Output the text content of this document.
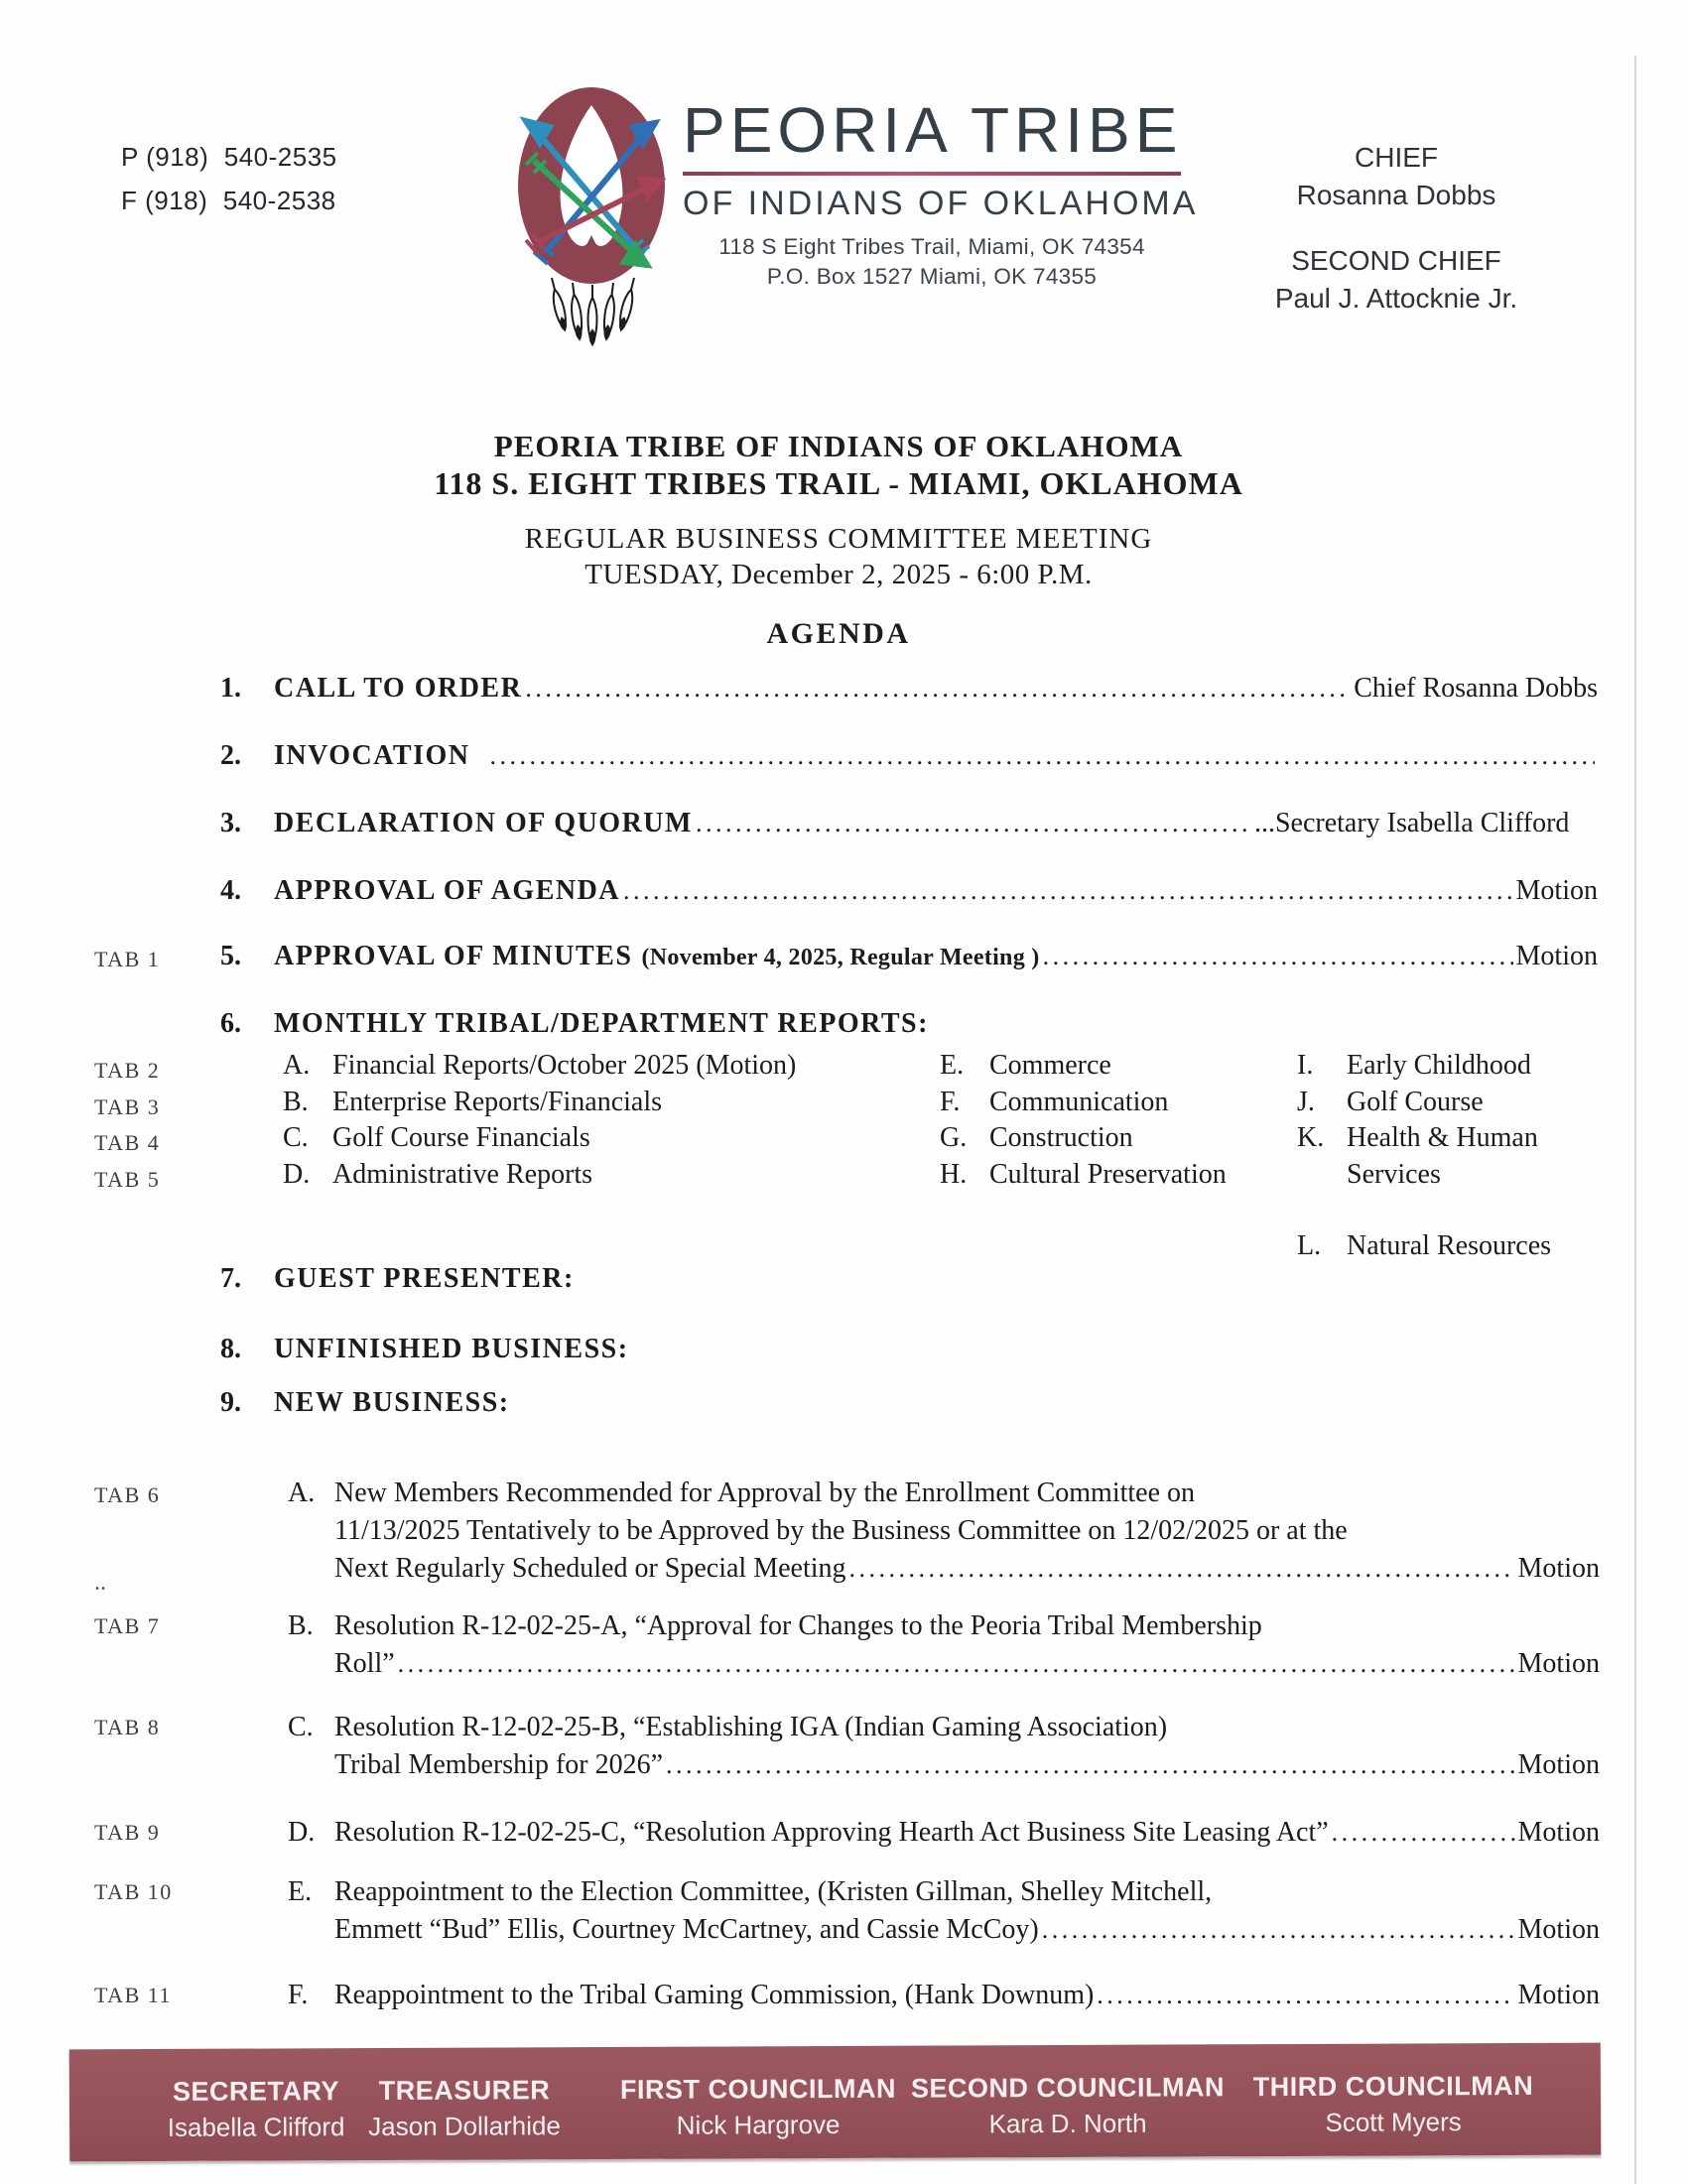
P (918)  540-2535
F (918)  540-2538
®
PEORIA TRIBE
OF INDIANS OF OKLAHOMA
118 S Eight Tribes Trail, Miami, OK 74354
P.O. Box 1527 Miami, OK 74355
CHIEF
Rosanna Dobbs
SECOND CHIEF
Paul J. Attocknie Jr.
PEORIA TRIBE OF INDIANS OF OKLAHOMA
118 S. EIGHT TRIBES TRAIL - MIAMI, OKLAHOMA
REGULAR BUSINESS COMMITTEE MEETING
TUESDAY, December 2, 2025 - 6:00 P.M.
AGENDA
1.	CALL TO ORDER .....	Chief Rosanna Dobbs
2.	INVOCATION
.....
3.	DECLARATION OF QUORUM .....	...Secretary Isabella Clifford
4.	APPROVAL OF AGENDA .....	Motion
5.	APPROVAL OF MINUTES (November 4, 2025, Regular Meeting ) .....	Motion
6.	MONTHLY TRIBAL/DEPARTMENT REPORTS:
A. Financial Reports/October 2025 (Motion)
B. Enterprise Reports/Financials
C. Golf Course Financials
D. Administrative Reports
E. Commerce
F.	Communication
G. Construction
H. Cultural Preservation
I.	Early Childhood
J.	Golf Course
K. Health & Human
Services
L. Natural Resources
7.	GUEST PRESENTER:
8.	UNFINISHED BUSINESS:
9.	NEW BUSINESS:
A. New Members Recommended for Approval by the Enrollment Committee on
11/13/2025 Tentatively to be Approved by the Business Committee on 12/02/2025 or at the
Next Regularly Scheduled or Special Meeting .....	Motion
B. Resolution R-12-02-25-A, “Approval for Changes to the Peoria Tribal Membership
Roll” .....	Motion
C. Resolution R-12-02-25-B, “Establishing IGA (Indian Gaming Association)
Tribal Membership for 2026” .....	Motion
D. Resolution R-12-02-25-C, “Resolution Approving Hearth Act Business Site Leasing Act” .....	Motion
E. Reappointment to the Election Committee, (Kristen Gillman, Shelley Mitchell,
Emmett “Bud” Ellis, Courtney McCartney, and Cassie McCoy) .....	Motion
F. Reappointment to the Tribal Gaming Commission, (Hank Downum) .....	Motion
TAB 1
TAB 2
TAB 3
TAB 4
TAB 5
TAB 6
..
TAB 7
TAB 8
TAB 9
TAB 10
TAB 11
SECRETARY
Isabella Clifford
TREASURER
Jason Dollarhide
FIRST COUNCILMAN
Nick Hargrove
SECOND COUNCILMAN
Kara D. North
THIRD COUNCILMAN
Scott Myers
